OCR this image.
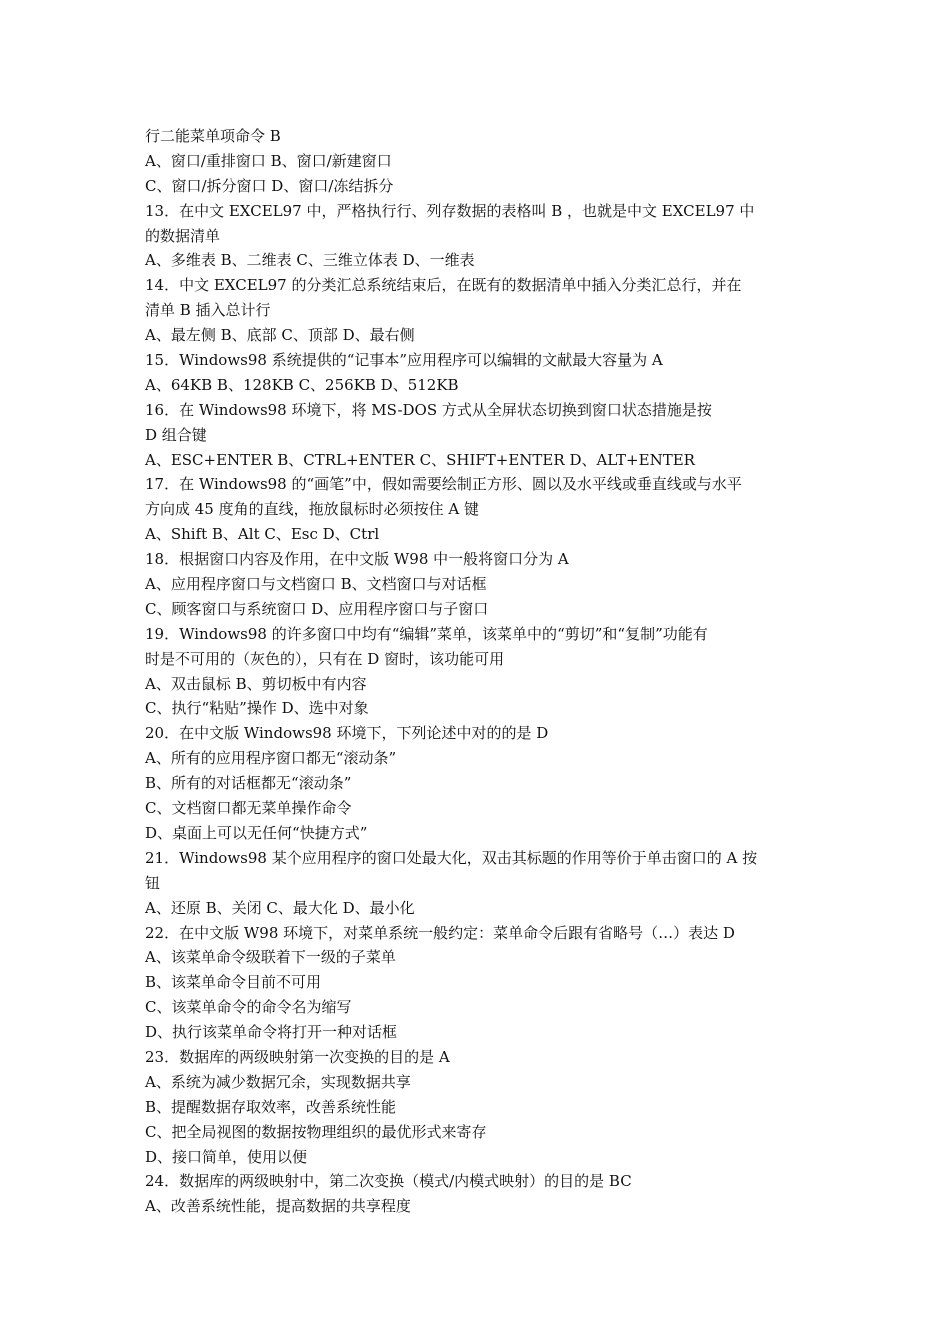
行二能菜单项命令 B
A、窗口/重排窗口 B、窗口/新建窗口
C、窗口/拆分窗口 D、窗口/冻结拆分
13．在中文 EXCEL97 中，严格执行行、列存数据的表格叫 B ，也就是中文 EXCEL97 中
的数据清单
A、多维表 B、二维表 C、三维立体表 D、一维表
14．中文 EXCEL97 的分类汇总系统结束后，在既有的数据清单中插入分类汇总行，并在
清单 B 插入总计行
A、最左侧 B、底部 C、顶部 D、最右侧
15．Windows98 系统提供的“记事本”应用程序可以编辑的文献最大容量为 A
A、64KB B、128KB C、256KB D、512KB
16．在 Windows98 环境下，将 MS-DOS 方式从全屏状态切换到窗口状态措施是按
D 组合键
A、ESC+ENTER B、CTRL+ENTER C、SHIFT+ENTER D、ALT+ENTER
17．在 Windows98 的“画笔”中，假如需要绘制正方形、圆以及水平线或垂直线或与水平
方向成 45 度角的直线，拖放鼠标时必须按住 A 键
A、Shift B、Alt C、Esc D、Ctrl
18．根据窗口内容及作用，在中文版 W98 中一般将窗口分为 A
A、应用程序窗口与文档窗口 B、文档窗口与对话框
C、顾客窗口与系统窗口 D、应用程序窗口与子窗口
19．Windows98 的许多窗口中均有“编辑”菜单，该菜单中的“剪切”和“复制”功能有
时是不可用的（灰色的），只有在 D 窗时，该功能可用
A、双击鼠标 B、剪切板中有内容
C、执行“粘贴”操作 D、选中对象
20．在中文版 Windows98 环境下，下列论述中对的的是 D
A、所有的应用程序窗口都无“滚动条”
B、所有的对话框都无“滚动条”
C、文档窗口都无菜单操作命令
D、桌面上可以无任何“快捷方式”
21．Windows98 某个应用程序的窗口处最大化，双击其标题的作用等价于单击窗口的 A 按
钮
A、还原 B、关闭 C、最大化 D、最小化
22．在中文版 W98 环境下，对菜单系统一般约定：菜单命令后跟有省略号（…）表达 D
A、该菜单命令级联着下一级的子菜单
B、该菜单命令目前不可用
C、该菜单命令的命令名为缩写
D、执行该菜单命令将打开一种对话框
23．数据库的两级映射第一次变换的目的是 A
A、系统为减少数据冗余，实现数据共享
B、提醒数据存取效率，改善系统性能
C、把全局视图的数据按物理组织的最优形式来寄存
D、接口简单，使用以便
24．数据库的两级映射中，第二次变换（模式/内模式映射）的目的是 BC
A、改善系统性能，提高数据的共享程度
